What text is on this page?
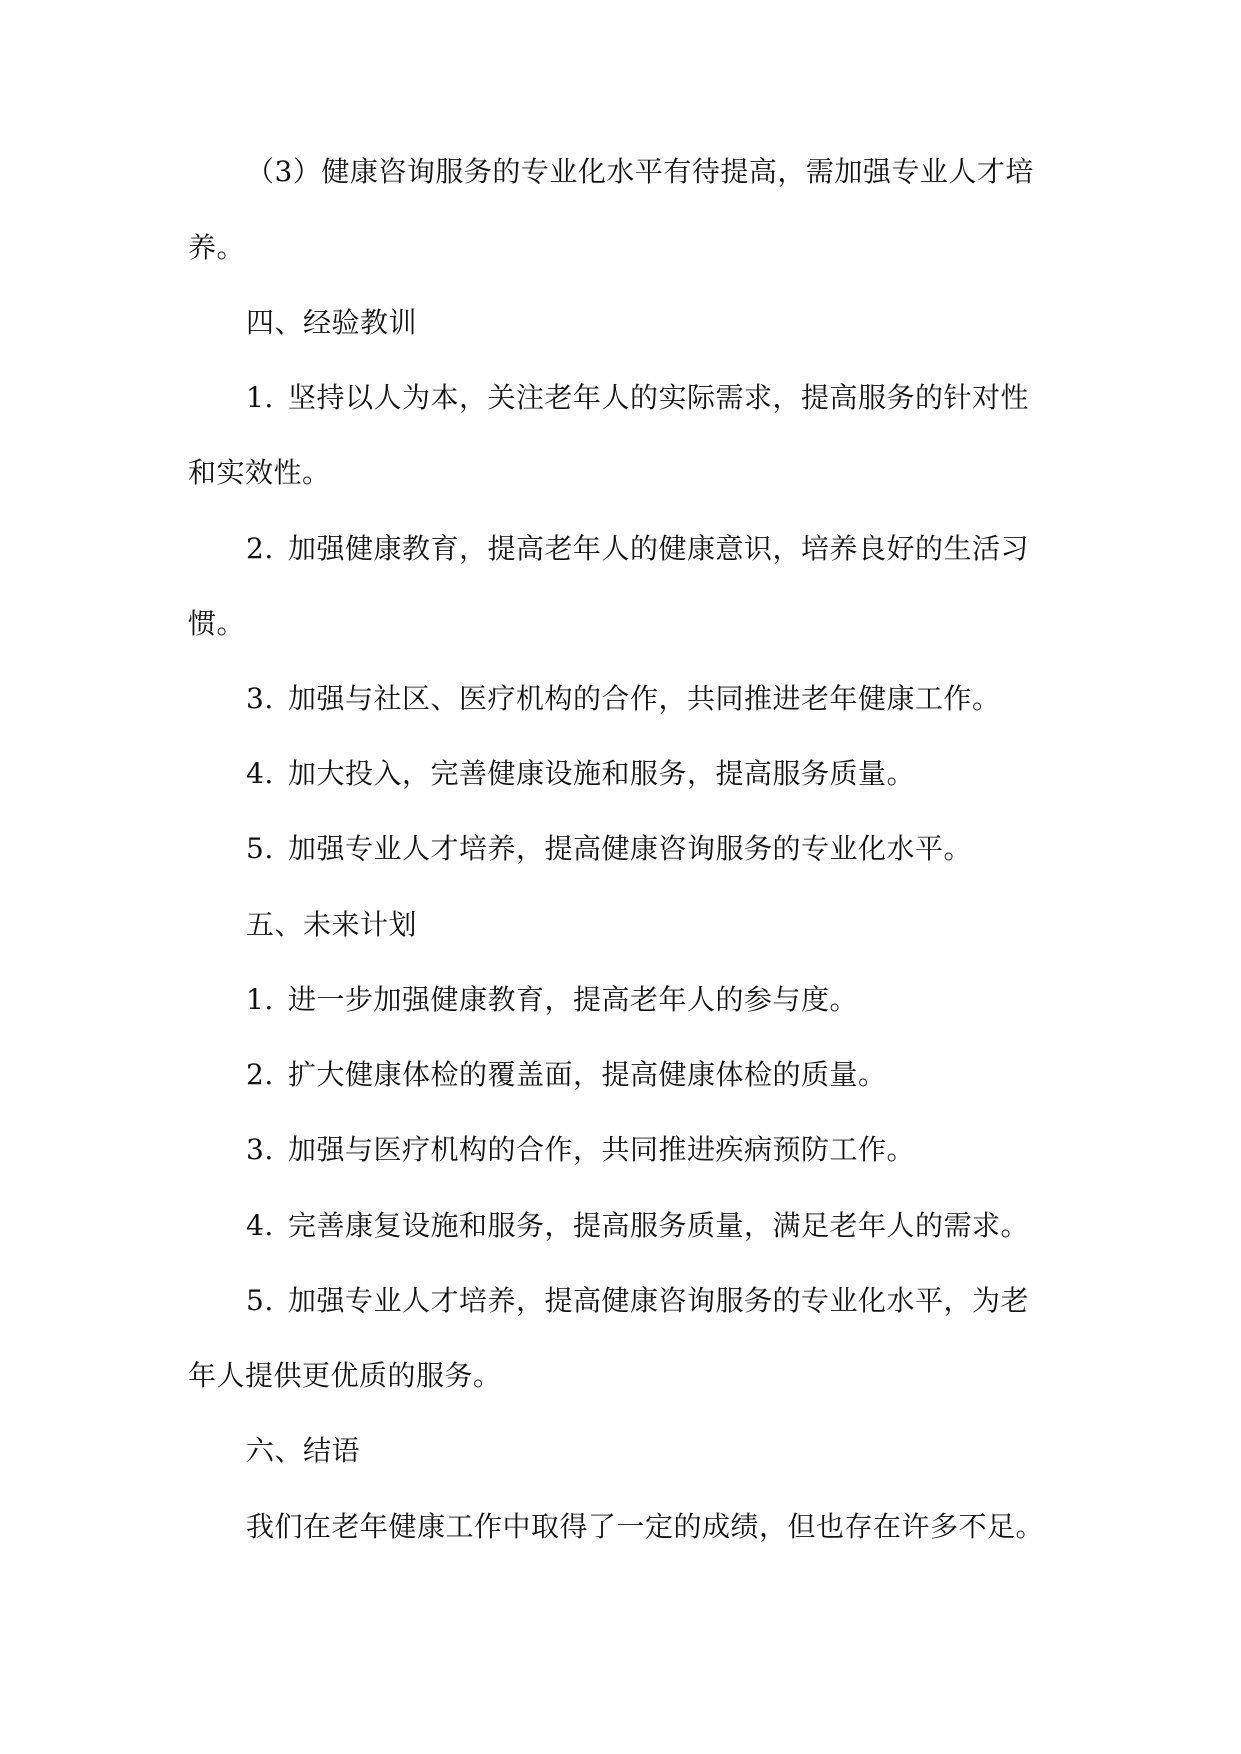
（3）健康咨询服务的专业化水平有待提高，需加强专业人才培
养。
四、经验教训
1. 坚持以人为本，关注老年人的实际需求，提高服务的针对性
和实效性。
2. 加强健康教育，提高老年人的健康意识，培养良好的生活习
惯。
3. 加强与社区、医疗机构的合作，共同推进老年健康工作。
4. 加大投入，完善健康设施和服务，提高服务质量。
5. 加强专业人才培养，提高健康咨询服务的专业化水平。
五、未来计划
1. 进一步加强健康教育，提高老年人的参与度。
2. 扩大健康体检的覆盖面，提高健康体检的质量。
3. 加强与医疗机构的合作，共同推进疾病预防工作。
4. 完善康复设施和服务，提高服务质量，满足老年人的需求。
5. 加强专业人才培养，提高健康咨询服务的专业化水平，为老
年人提供更优质的服务。
六、结语
我们在老年健康工作中取得了一定的成绩，但也存在许多不足。
